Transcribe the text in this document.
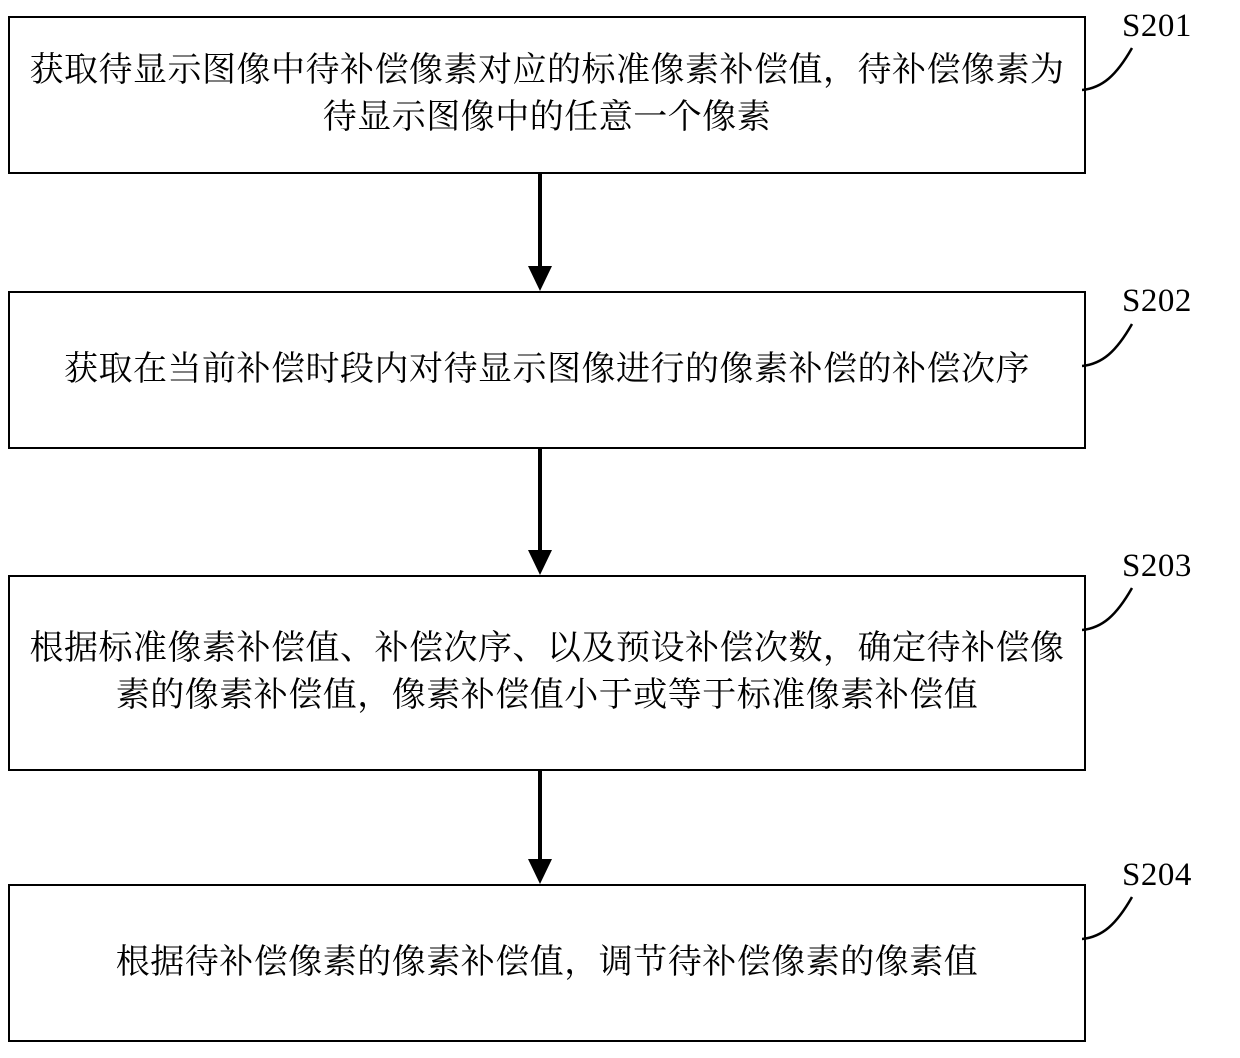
获取待显示图像中待补偿像素对应的标准像素补偿值，待补偿像素为待显示图像中的任意一个像素
S201
获取在当前补偿时段内对待显示图像进行的像素补偿的补偿次序
S202
根据标准像素补偿值、补偿次序、以及预设补偿次数，确定待补偿像素的像素补偿值，像素补偿值小于或等于标准像素补偿值
S203
根据待补偿像素的像素补偿值，调节待补偿像素的像素值
S204
